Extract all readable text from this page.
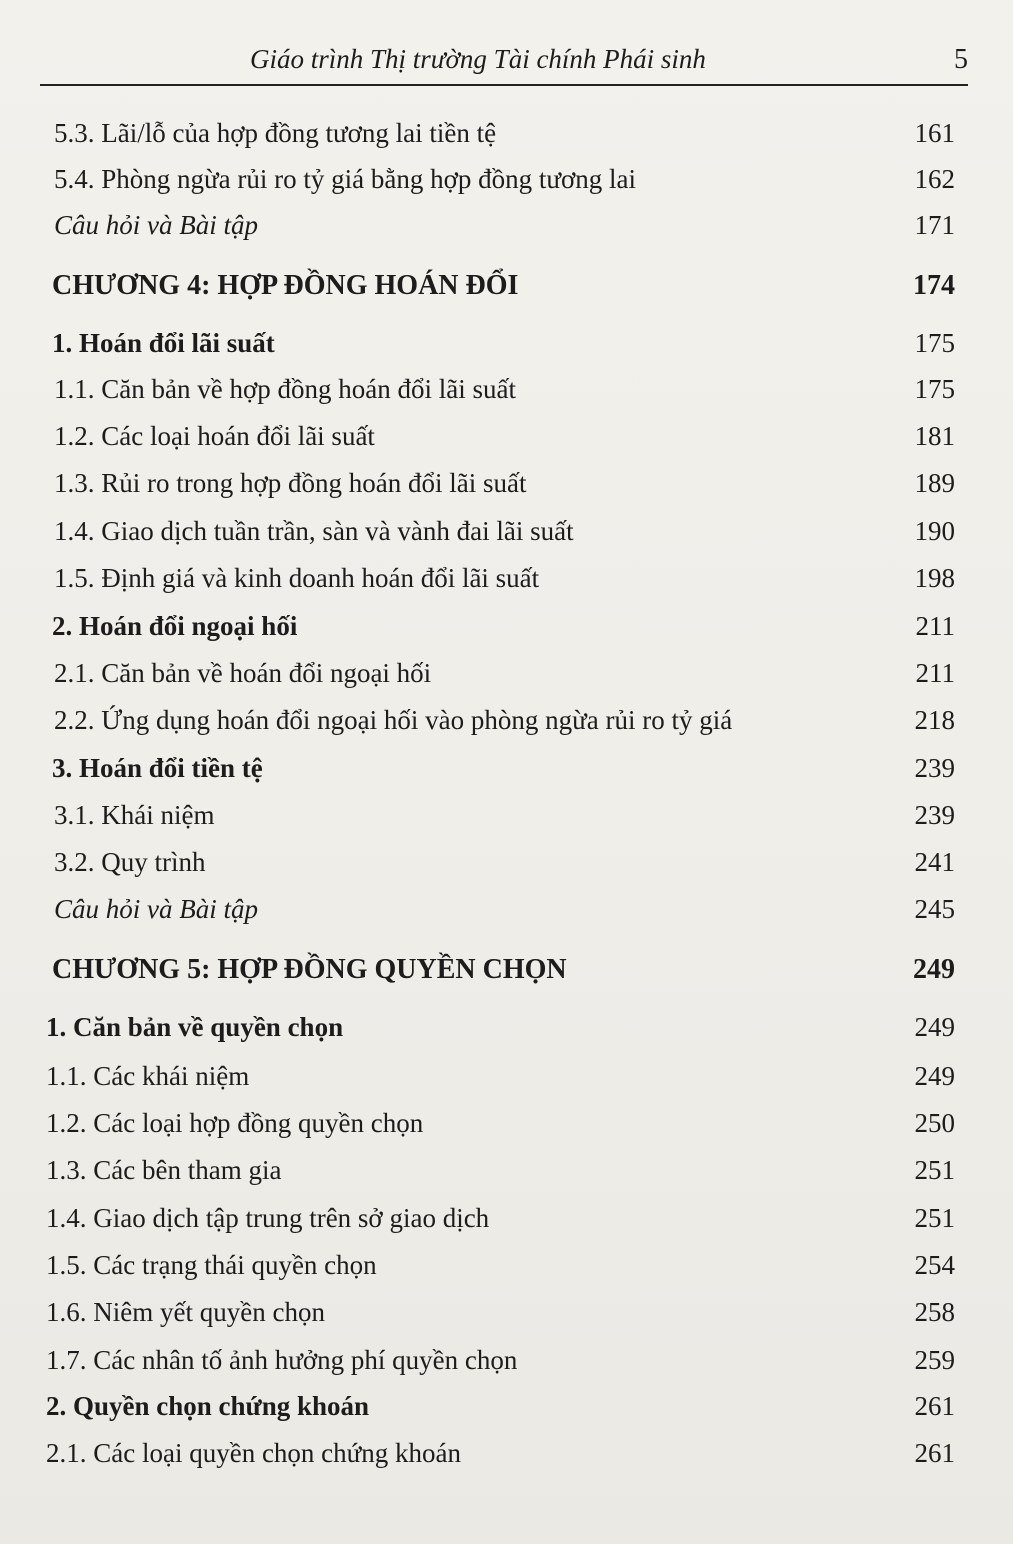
Giáo trình Thị trường Tài chính Phái sinh	5
5.3. Lãi/lỗ của hợp đồng tương lai tiền tệ	161
5.4. Phòng ngừa rủi ro tỷ giá bằng hợp đồng tương lai	162
Câu hỏi và Bài tập	171
CHƯƠNG 4: HỢP ĐỒNG HOÁN ĐỔI	174
1. Hoán đổi lãi suất	175
1.1. Căn bản về hợp đồng hoán đổi lãi suất	175
1.2. Các loại hoán đổi lãi suất	181
1.3. Rủi ro trong hợp đồng hoán đổi lãi suất	189
1.4. Giao dịch tuần trần, sàn và vành đai lãi suất	190
1.5. Định giá và kinh doanh hoán đổi lãi suất	198
2. Hoán đổi ngoại hối	211
2.1. Căn bản về hoán đổi ngoại hối	211
2.2. Ứng dụng hoán đổi ngoại hối vào phòng ngừa rủi ro tỷ giá	218
3. Hoán đổi tiền tệ	239
3.1. Khái niệm	239
3.2. Quy trình	241
Câu hỏi và Bài tập	245
CHƯƠNG 5: HỢP ĐỒNG QUYỀN CHỌN	249
1. Căn bản về quyền chọn	249
1.1. Các khái niệm	249
1.2. Các loại hợp đồng quyền chọn	250
1.3. Các bên tham gia	251
1.4. Giao dịch tập trung trên sở giao dịch	251
1.5. Các trạng thái quyền chọn	254
1.6. Niêm yết quyền chọn	258
1.7. Các nhân tố ảnh hưởng phí quyền chọn	259
2. Quyền chọn chứng khoán	261
2.1. Các loại quyền chọn chứng khoán	261
